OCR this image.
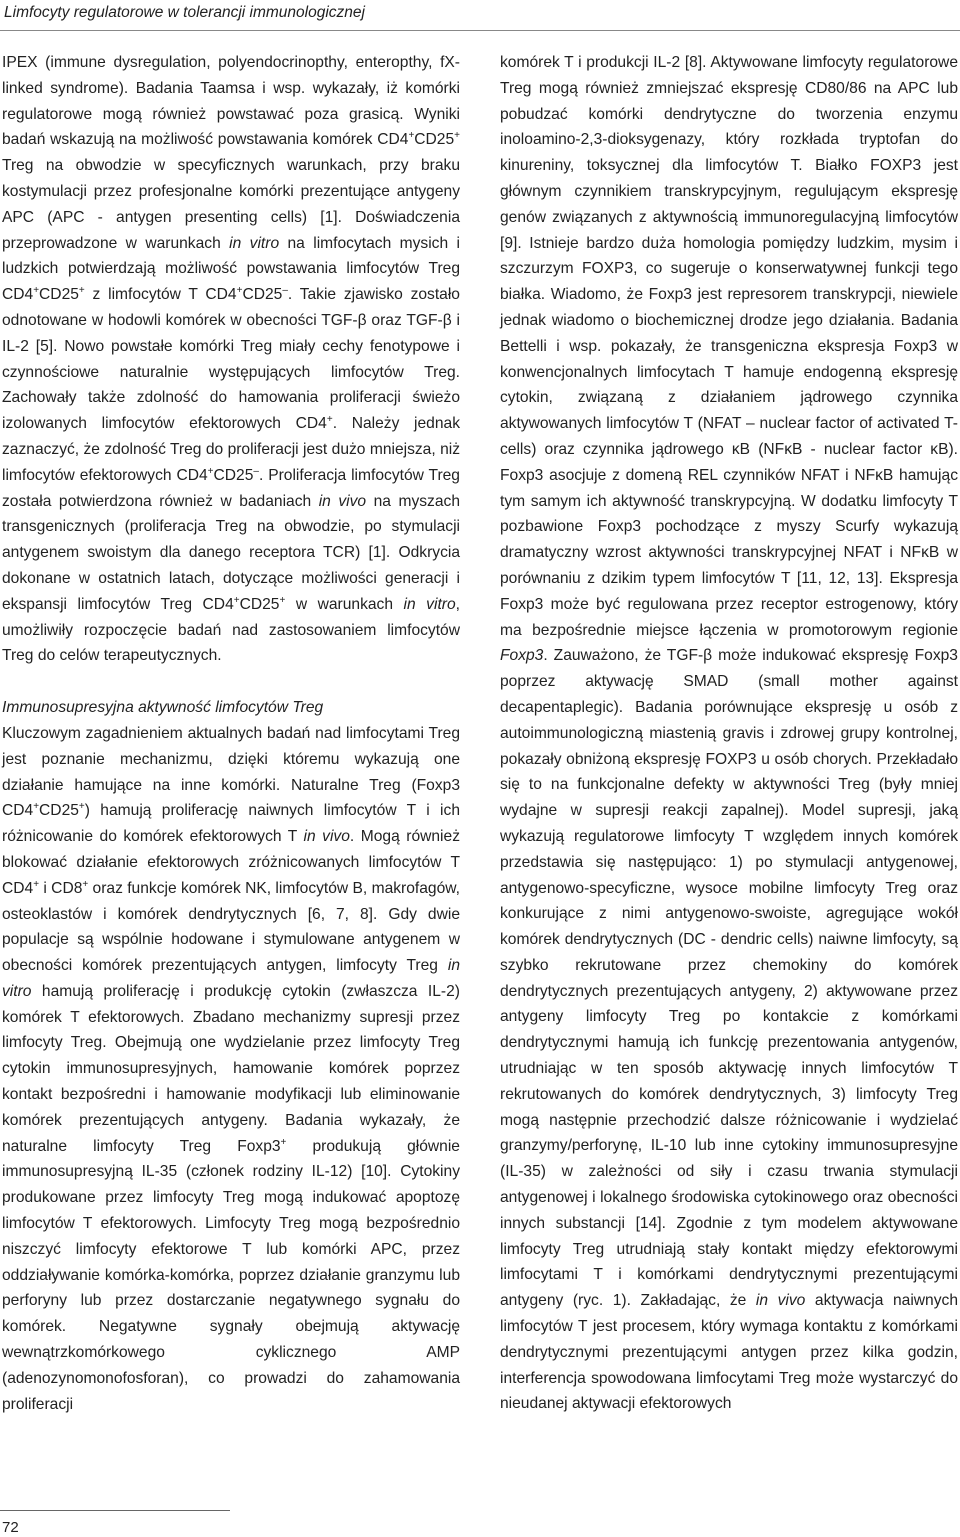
Limfocyty regulatorowe w tolerancji immunologicznej

IPEX (immune dysregulation, polyendocrinopthy, enteropthy, fX-linked syndrome). Badania Taamsa i wsp. wykazały, iż komórki regulatorowe mogą również powstawać poza grasicą. Wyniki badań wskazują na możliwość powstawania komórek CD4+CD25+ Treg na obwodzie w specyficznych warunkach, przy braku kostymulacji przez profesjonalne komórki prezentujące antygeny APC (APC - antygen presenting cells) [1]. Doświadczenia przeprowadzone w warunkach in vitro na limfocytach mysich i ludzkich potwierdzają możliwość powstawania limfocytów Treg CD4+CD25+ z limfocytów T CD4+CD25–. Takie zjawisko zostało odnotowane w hodowli komórek w obecności TGF-β oraz TGF-β i IL-2 [5]. Nowo powstałe komórki Treg miały cechy fenotypowe i czynnościowe naturalnie występujących limfocytów Treg. Zachowały także zdolność do hamowania proliferacji świeżo izolowanych limfocytów efektorowych CD4+. Należy jednak zaznaczyć, że zdolność Treg do proliferacji jest dużo mniejsza, niż limfocytów efektorowych CD4+CD25–. Proliferacja limfocytów Treg została potwierdzona również w badaniach in vivo na myszach transgenicznych (proliferacja Treg na obwodzie, po stymulacji antygenem swoistym dla danego receptora TCR) [1]. Odkrycia dokonane w ostatnich latach, dotyczące możliwości generacji i ekspansji limfocytów Treg CD4+CD25+ w warunkach in vitro, umożliwiły rozpoczęcie badań nad zastosowaniem limfocytów Treg do celów terapeutycznych.

Immunosupresyjna aktywność limfocytów Treg

Kluczowym zagadnieniem aktualnych badań nad limfocytami Treg jest poznanie mechanizmu, dzięki któremu wykazują one działanie hamujące na inne komórki. Naturalne Treg (Foxp3 CD4+CD25+) hamują proliferację naiwnych limfocytów T i ich różnicowanie do komórek efektorowych T in vivo. Mogą również blokować działanie efektorowych zróżnicowanych limfocytów T CD4+ i CD8+ oraz funkcje komórek NK, limfocytów B, makrofagów, osteoklastów i komórek dendrytycznych [6, 7, 8]. Gdy dwie populacje są wspólnie hodowane i stymulowane antygenem w obecności komórek prezentujących antygen, limfocyty Treg in vitro hamują proliferację i produkcję cytokin (zwłaszcza IL-2) komórek T efektorowych. Zbadano mechanizmy supresji przez limfocyty Treg. Obejmują one wydzielanie przez limfocyty Treg cytokin immunosupresyjnych, hamowanie komórek poprzez kontakt bezpośredni i hamowanie modyfikacji lub eliminowanie komórek prezentujących antygeny. Badania wykazały, że naturalne limfocyty Treg Foxp3+ produkują głównie immunosupresyjną IL-35 (członek rodziny IL-12) [10]. Cytokiny produkowane przez limfocyty Treg mogą indukować apoptozę limfocytów T efektorowych. Limfocyty Treg mogą bezpośrednio niszczyć limfocyty efektorowe T lub komórki APC, przez oddziaływanie komórka-komórka, poprzez działanie granzymu lub perforyny lub przez dostarczanie negatywnego sygnału do komórek. Negatywne sygnały obejmują aktywację wewnątrzkomórkowego cyklicznego AMP (adenozynomonofosforan), co prowadzi do zahamowania proliferacji

komórek T i produkcji IL-2 [8]. Aktywowane limfocyty regulatorowe Treg mogą również zmniejszać ekspresję CD80/86 na APC lub pobudzać komórki dendrytyczne do tworzenia enzymu inoloamino-2,3-dioksygenazy, który rozkłada tryptofan do kinureniny, toksycznej dla limfocytów T. Białko FOXP3 jest głównym czynnikiem transkrypcyjnym, regulującym ekspresję genów związanych z aktywnością immunoregulacyjną limfocytów [9]. Istnieje bardzo duża homologia pomiędzy ludzkim, mysim i szczurzym FOXP3, co sugeruje o konserwatywnej funkcji tego białka. Wiadomo, że Foxp3 jest represorem transkrypcji, niewiele jednak wiadomo o biochemicznej drodze jego działania. Badania Bettelli i wsp. pokazały, że transgeniczna ekspresja Foxp3 w konwencjonalnych limfocytach T hamuje endogenną ekspresję cytokin, związaną z działaniem jądrowego czynnika aktywowanych limfocytów T (NFAT – nuclear factor of activated T-cells) oraz czynnika jądrowego κB (NFκB - nuclear factor κB). Foxp3 asocjuje z domeną REL czynników NFAT i NFκB hamując tym samym ich aktywność transkrypcyjną. W dodatku limfocyty T pozbawione Foxp3 pochodzące z myszy Scurfy wykazują dramatyczny wzrost aktywności transkrypcyjnej NFAT i NFκB w porównaniu z dzikim typem limfocytów T [11, 12, 13]. Ekspresja Foxp3 może być regulowana przez receptor estrogenowy, który ma bezpośrednie miejsce łączenia w promotorowym regionie Foxp3. Zauważono, że TGF-β może indukować ekspresję Foxp3 poprzez aktywację SMAD (small mother against decapentaplegic). Badania porównujące ekspresję u osób z autoimmunologiczną miastenią gravis i zdrowej grupy kontrolnej, pokazały obniżoną ekspresję FOXP3 u osób chorych. Przekładało się to na funkcjonalne defekty w aktywności Treg (były mniej wydajne w supresji reakcji zapalnej). Model supresji, jaką wykazują regulatorowe limfocyty T względem innych komórek przedstawia się następująco: 1) po stymulacji antygenowej, antygenowo-specyficzne, wysoce mobilne limfocyty Treg oraz konkurujące z nimi antygenowo-swoiste, agregujące wokół komórek dendrytycznych (DC - dendric cells) naiwne limfocyty, są szybko rekrutowane przez chemokiny do komórek dendrytycznych prezentujących antygeny, 2) aktywowane przez antygeny limfocyty Treg po kontakcie z komórkami dendrytycznymi hamują ich funkcję prezentowania antygenów, utrudniając w ten sposób aktywację innych limfocytów T rekrutowanych do komórek dendrytycznych, 3) limfocyty Treg mogą następnie przechodzić dalsze różnicowanie i wydzielać granzymy/perforynę, IL-10 lub inne cytokiny immunosupresyjne (IL-35) w zależności od siły i czasu trwania stymulacji antygenowej i lokalnego środowiska cytokinowego oraz obecności innych substancji [14]. Zgodnie z tym modelem aktywowane limfocyty Treg utrudniają stały kontakt między efektorowymi limfocytami T i komórkami dendrytycznymi prezentującymi antygeny (ryc. 1). Zakładając, że in vivo aktywacja naiwnych limfocytów T jest procesem, który wymaga kontaktu z komórkami dendrytycznymi prezentującymi antygen przez kilka godzin, interferencja spowodowana limfocytami Treg może wystarczyć do nieudanej aktywacji efektorowych

72
